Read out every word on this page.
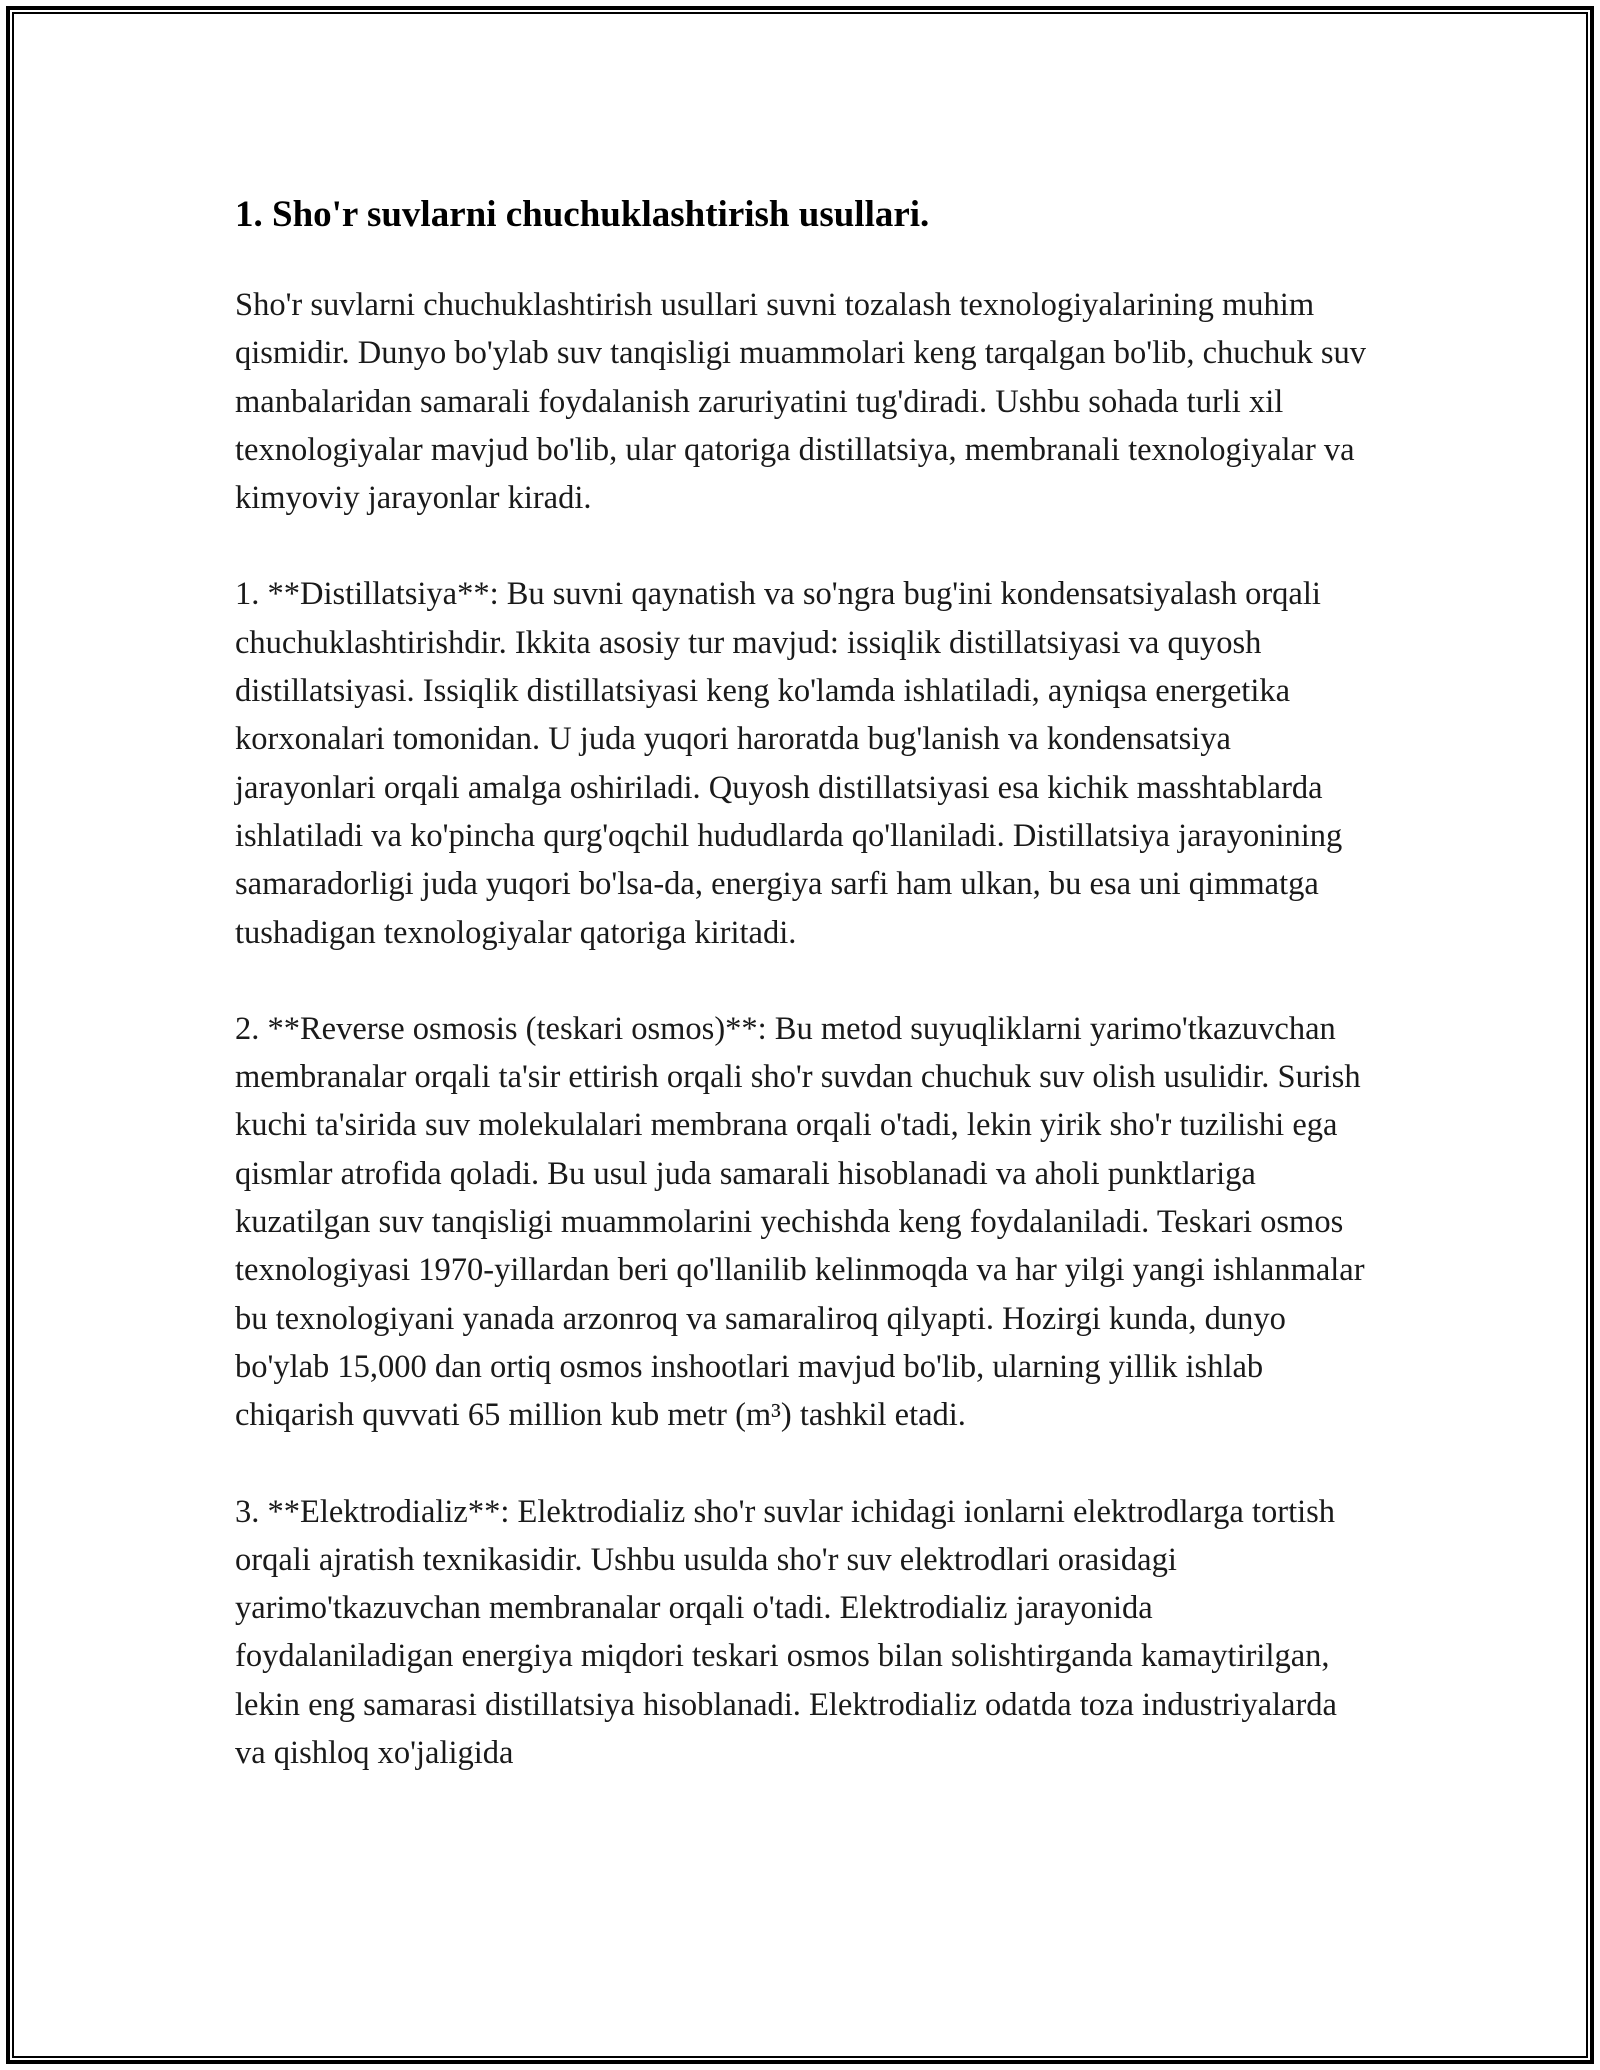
1. Sho'r suvlarni chuchuklashtirish usullari.

Sho'r suvlarni chuchuklashtirish usullari suvni tozalash texnologiyalarining muhim qismidir. Dunyo bo'ylab suv tanqisligi muammolari keng tarqalgan bo'lib, chuchuk suv manbalaridan samarali foydalanish zaruriyatini tug'diradi. Ushbu sohada turli xil texnologiyalar mavjud bo'lib, ular qatoriga distillatsiya, membranali texnologiyalar va kimyoviy jarayonlar kiradi.

1. **Distillatsiya**: Bu suvni qaynatish va so'ngra bug'ini kondensatsiyalash orqali chuchuklashtirishdir. Ikkita asosiy tur mavjud: issiqlik distillatsiyasi va quyosh distillatsiyasi. Issiqlik distillatsiyasi keng ko'lamda ishlatiladi, ayniqsa energetika korxonalari tomonidan. U juda yuqori haroratda bug'lanish va kondensatsiya jarayonlari orqali amalga oshiriladi. Quyosh distillatsiyasi esa kichik masshtablarda ishlatiladi va ko'pincha qurg'oqchil hududlarda qo'llaniladi. Distillatsiya jarayonining samaradorligi juda yuqori bo'lsa-da, energiya sarfi ham ulkan, bu esa uni qimmatga tushadigan texnologiyalar qatoriga kiritadi.

2. **Reverse osmosis (teskari osmos)**: Bu metod suyuqliklarni yarimo'tkazuvchan membranalar orqali ta'sir ettirish orqali sho'r suvdan chuchuk suv olish usulidir. Surish kuchi ta'sirida suv molekulalari membrana orqali o'tadi, lekin yirik sho'r tuzilishi ega qismlar atrofida qoladi. Bu usul juda samarali hisoblanadi va aholi punktlariga kuzatilgan suv tanqisligi muammolarini yechishda keng foydalaniladi. Teskari osmos texnologiyasi 1970-yillardan beri qo'llanilib kelinmoqda va har yilgi yangi ishlanmalar bu texnologiyani yanada arzonroq va samaraliroq qilyapti. Hozirgi kunda, dunyo bo'ylab 15,000 dan ortiq osmos inshootlari mavjud bo'lib, ularning yillik ishlab chiqarish quvvati 65 million kub metr (m³) tashkil etadi.

3. **Elektrodializ**: Elektrodializ sho'r suvlar ichidagi ionlarni elektrodlarga tortish orqali ajratish texnikasidir. Ushbu usulda sho'r suv elektrodlari orasidagi yarimo'tkazuvchan membranalar orqali o'tadi. Elektrodializ jarayonida foydalaniladigan energiya miqdori teskari osmos bilan solishtirganda kamaytirilgan, lekin eng samarasi distillatsiya hisoblanadi. Elektrodializ odatda toza industriyalarda va qishloq xo'jaligida
